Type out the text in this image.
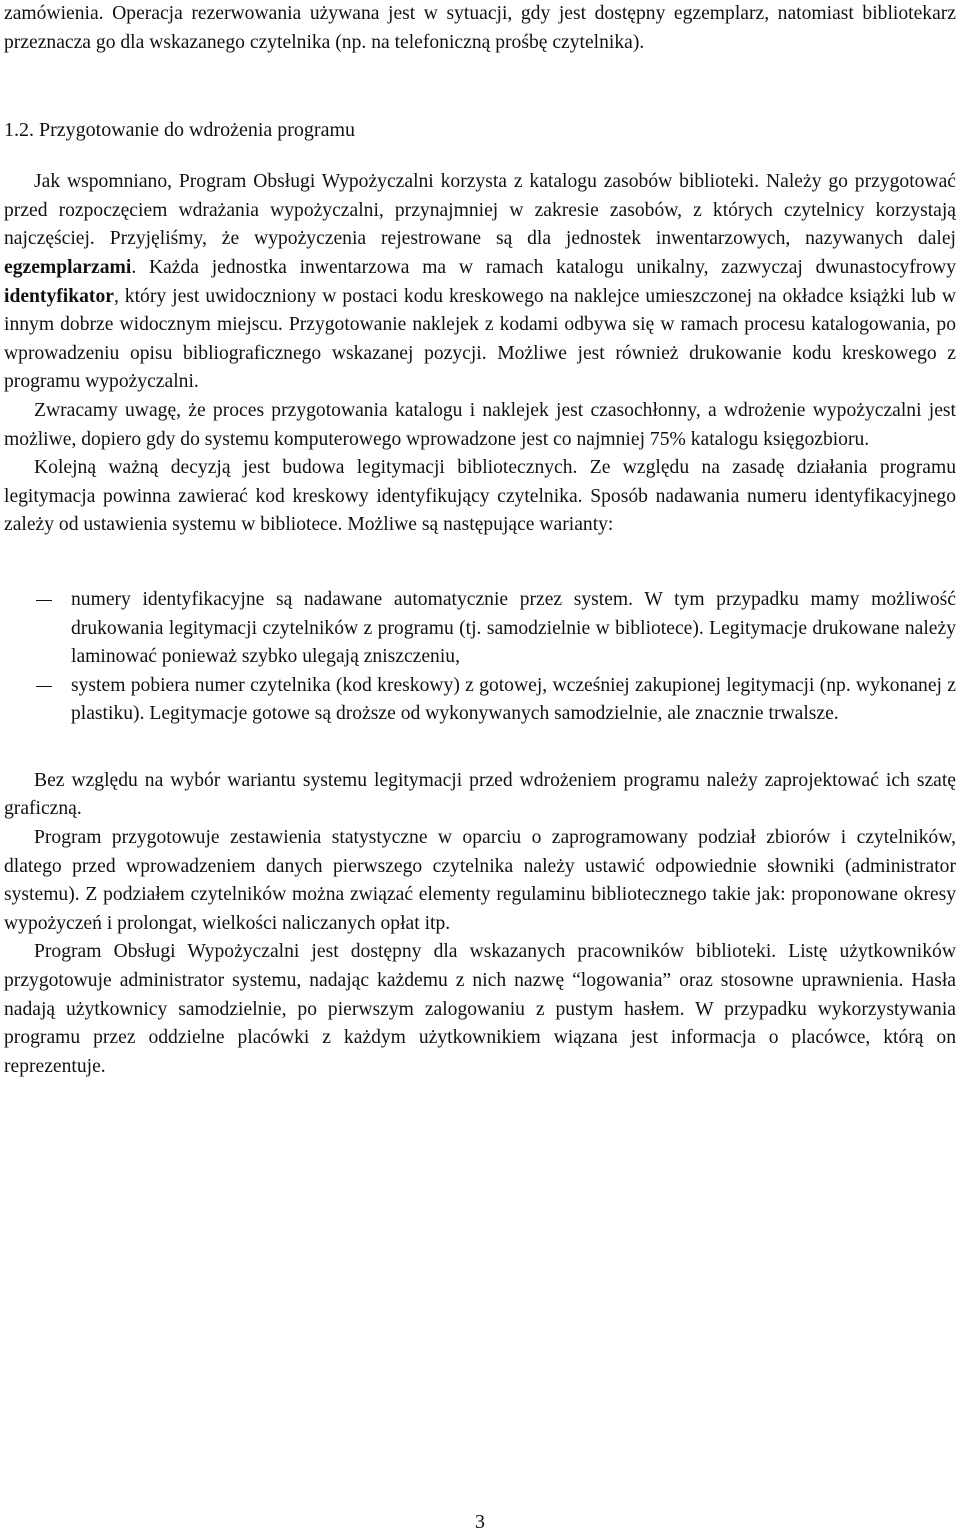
zamówienia. Operacja rezerwowania używana jest w sytuacji, gdy jest dostępny egzemplarz, natomiast bibliotekarz przeznacza go dla wskazanego czytelnika (np. na telefoniczną prośbę czytelnika).

1.2. Przygotowanie do wdrożenia programu

Jak wspomniano, Program Obsługi Wypożyczalni korzysta z katalogu zasobów biblioteki. Należy go przygotować przed rozpoczęciem wdrażania wypożyczalni, przynajmniej w zakresie zasobów, z których czytelnicy korzystają najczęściej. Przyjęliśmy, że wypożyczenia rejestrowane są dla jednostek inwentarzowych, nazywanych dalej egzemplarzami. Każda jednostka inwentarzowa ma w ramach katalogu unikalny, zazwyczaj dwunastocyfrowy identyfikator, który jest uwidoczniony w postaci kodu kreskowego na naklejce umieszczonej na okładce książki lub w innym dobrze widocznym miejscu. Przygotowanie naklejek z kodami odbywa się w ramach procesu katalogowania, po wprowadzeniu opisu bibliograficznego wskazanej pozycji. Możliwe jest również drukowanie kodu kreskowego z programu wypożyczalni.

Zwracamy uwagę, że proces przygotowania katalogu i naklejek jest czasochłonny, a wdrożenie wypożyczalni jest możliwe, dopiero gdy do systemu komputerowego wprowadzone jest co najmniej 75% katalogu księgozbioru.

Kolejną ważną decyzją jest budowa legitymacji bibliotecznych. Ze względu na zasadę działania programu legitymacja powinna zawierać kod kreskowy identyfikujący czytelnika. Sposób nadawania numeru identyfikacyjnego zależy od ustawienia systemu w bibliotece. Możliwe są następujące warianty:

numery identyfikacyjne są nadawane automatycznie przez system. W tym przypadku mamy możliwość drukowania legitymacji czytelników z programu (tj. samodzielnie w bibliotece). Legitymacje drukowane należy laminować ponieważ szybko ulegają zniszczeniu,
system pobiera numer czytelnika (kod kreskowy) z gotowej, wcześniej zakupionej legitymacji (np. wykonanej z plastiku). Legitymacje gotowe są droższe od wykonywanych samodzielnie, ale znacznie trwalsze.

Bez względu na wybór wariantu systemu legitymacji przed wdrożeniem programu należy zaprojektować ich szatę graficzną.

Program przygotowuje zestawienia statystyczne w oparciu o zaprogramowany podział zbiorów i czytelników, dlatego przed wprowadzeniem danych pierwszego czytelnika należy ustawić odpowiednie słowniki (administrator systemu). Z podziałem czytelników można związać elementy regulaminu bibliotecznego takie jak: proponowane okresy wypożyczeń i prolongat, wielkości naliczanych opłat itp.

Program Obsługi Wypożyczalni jest dostępny dla wskazanych pracowników biblioteki. Listę użytkowników przygotowuje administrator systemu, nadając każdemu z nich nazwę “logowania” oraz stosowne uprawnienia. Hasła nadają użytkownicy samodzielnie, po pierwszym zalogowaniu z pustym hasłem. W przypadku wykorzystywania programu przez oddzielne placówki z każdym użytkownikiem wiązana jest informacja o placówce, którą on reprezentuje.

3
